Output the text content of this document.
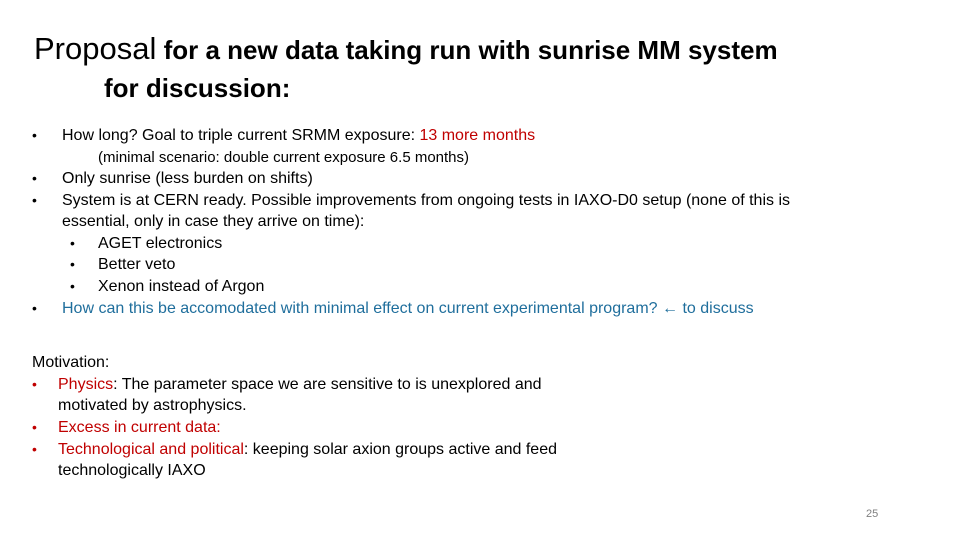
Proposal for a new data taking run with sunrise MM system
for discussion:
• How long? Goal to triple current SRMM exposure: 13 more months
(minimal scenario: double current exposure 6.5 months)
• Only sunrise (less burden on shifts)
• System is at CERN ready. Possible improvements from ongoing tests in IAXO-D0 setup (none of this is
essential, only in case they arrive on time):
• AGET electronics
• Better veto
• Xenon instead of Argon
• How can this be accomodated with minimal effect on current experimental program? ← to discuss
Motivation:
• Physics: The parameter space we are sensitive to is unexplored and
motivated by astrophysics.
• Excess in current data:
• Technological and political: keeping solar axion groups active and feed
technologically IAXO
25
